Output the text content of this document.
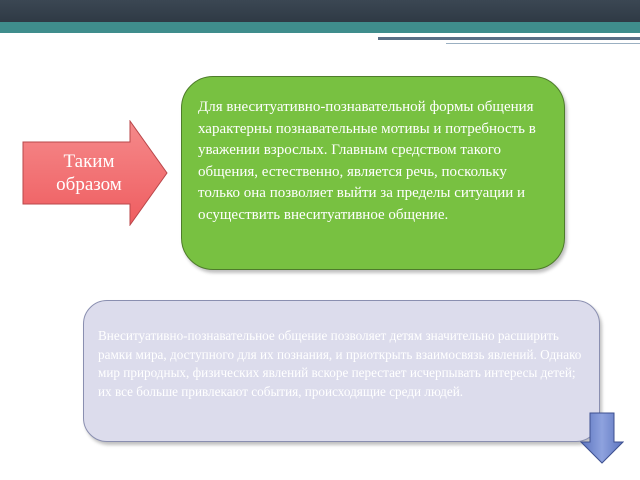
Таким образом
Для внеситуативно-познавательной формы общения характерны познавательные мотивы и потребность в уважении взрослых. Главным средством такого общения, естественно, является речь, поскольку только она позволяет выйти за пределы ситуации и осуществить внеситуативное общение.
Внеситуативно-познавательное общение позволяет детям значительно расширить рамки мира, доступного для их познания, и приоткрыть взаимосвязь явлений. Однако мир природных, физических явлений вскоре перестает исчерпывать интересы детей; их все больше привлекают события, происходящие среди людей.
